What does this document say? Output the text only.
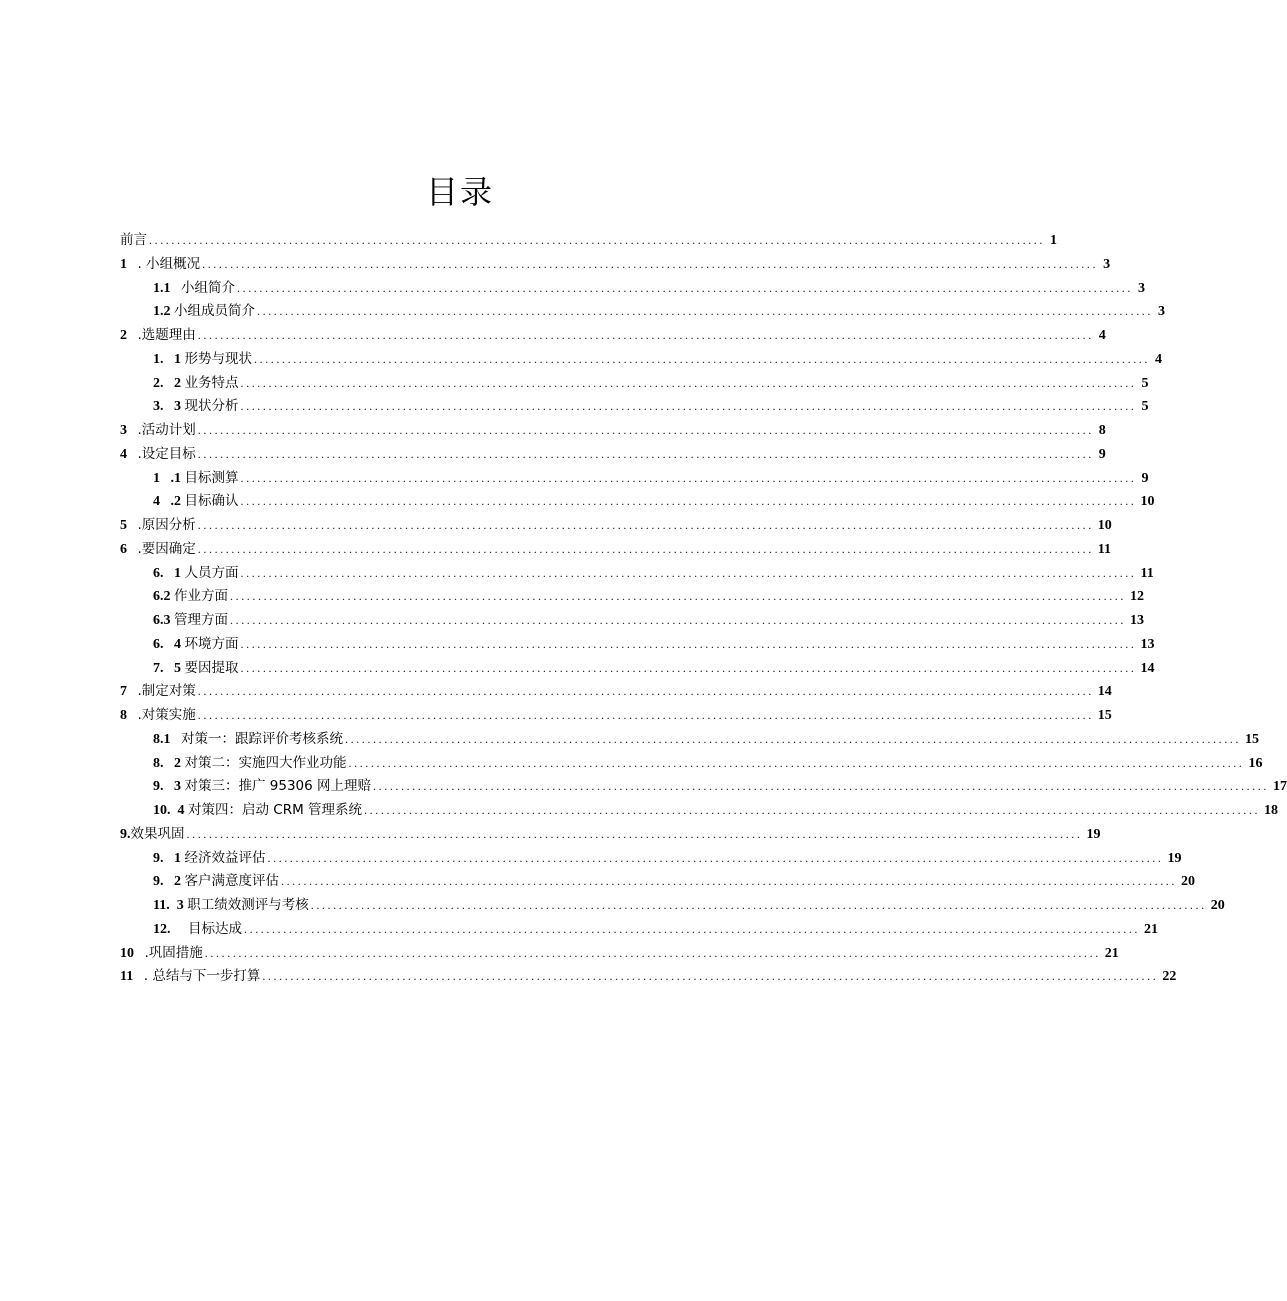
目录
前言 ................................................................................................................................................................ 1
1 . 小组概况 ................................................................................................................................................................ 3
1.1 小组简介 ................................................................................................................................................................ 3
1.2 小组成员简介 ................................................................................................................................................................ 3
2 .选题理由 ................................................................................................................................................................ 4
1.   1 形势与现状 ................................................................................................................................................................ 4
2.   2 业务特点 ................................................................................................................................................................ 5
3.   3 现状分析 ................................................................................................................................................................ 5
3 .活动计划 ................................................................................................................................................................ 8
4 .设定目标 ................................................................................................................................................................ 9
1   .1 目标测算 ................................................................................................................................................................ 9
4   .2 目标确认 ................................................................................................................................................................ 10
5 .原因分析 ................................................................................................................................................................ 10
6 .要因确定 ................................................................................................................................................................ 11
6.   1 人员方面 ................................................................................................................................................................ 11
6.2 作业方面 ................................................................................................................................................................ 12
6.3 管理方面 ................................................................................................................................................................ 13
6.   4 环境方面 ................................................................................................................................................................ 13
7.   5 要因提取 ................................................................................................................................................................ 14
7 .制定对策 ................................................................................................................................................................ 14
8 .对策实施 ................................................................................................................................................................ 15
8.1 对策一：跟踪评价考核系统 ................................................................................................................................................................ 15
8.   2 对策二：实施四大作业功能 ................................................................................................................................................................ 16
9.   3 对策三：推广 95306 网上理赔 ................................................................................................................................................................ 17
10.  4 对策四：启动 CRM 管理系统 ................................................................................................................................................................ 18
9. 效果巩固 ................................................................................................................................................................ 19
9.   1 经济效益评估 ................................................................................................................................................................ 19
9.   2 客户满意度评估 ................................................................................................................................................................ 20
11.  3 职工绩效测评与考核 ................................................................................................................................................................ 20
12. 目标达成 ................................................................................................................................................................ 21
10 .巩固措施 ................................................................................................................................................................ 21
11 . 总结与下一步打算 ................................................................................................................................................................ 22
